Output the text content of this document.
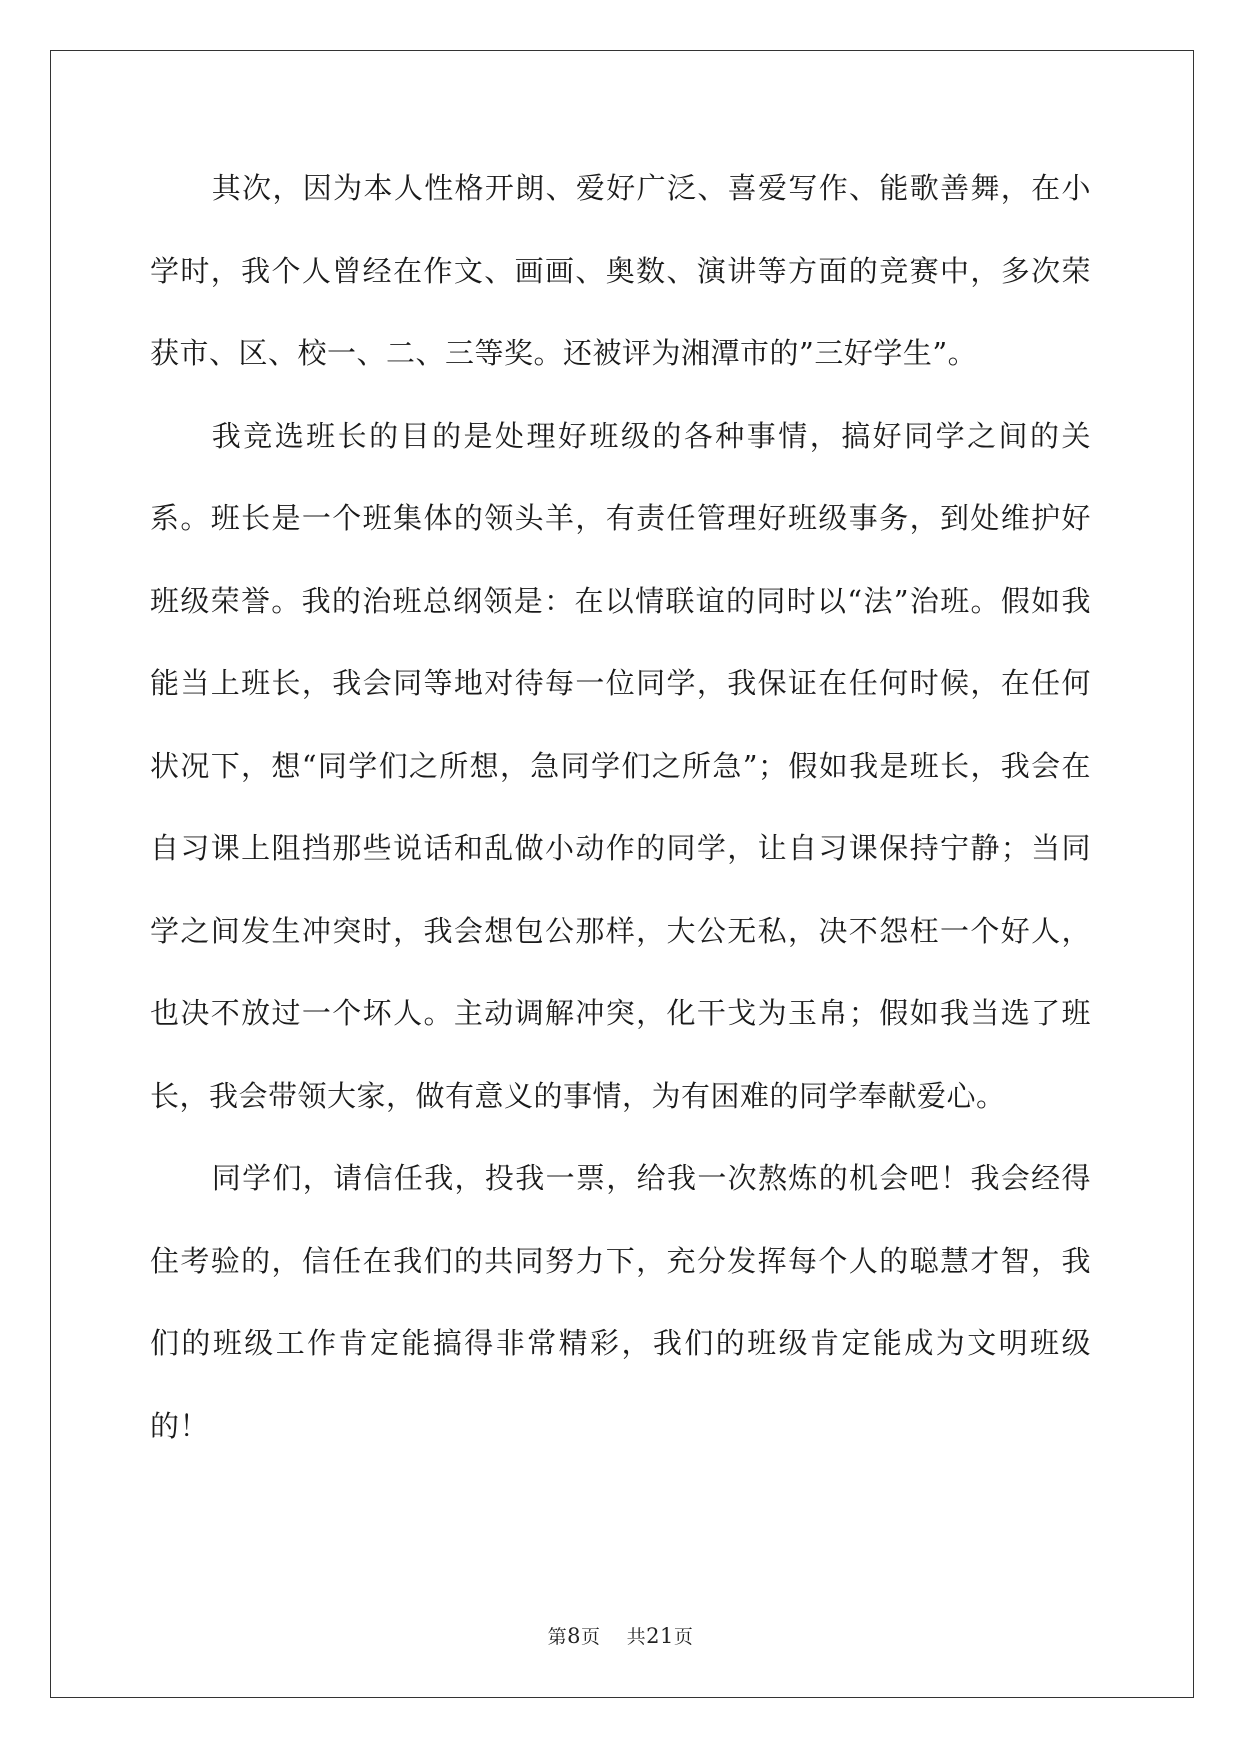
其次，因为本人性格开朗、爱好广泛、喜爱写作、能歌善舞，在小学时，我个人曾经在作文、画画、奥数、演讲等方面的竞赛中，多次荣获市、区、校一、二、三等奖。还被评为湘潭市的”三好学生”。

我竞选班长的目的是处理好班级的各种事情，搞好同学之间的关系。班长是一个班集体的领头羊，有责任管理好班级事务，到处维护好班级荣誉。我的治班总纲领是：在以情联谊的同时以“法”治班。假如我能当上班长，我会同等地对待每一位同学，我保证在任何时候，在任何状况下，想“同学们之所想，急同学们之所急”；假如我是班长，我会在自习课上阻挡那些说话和乱做小动作的同学，让自习课保持宁静；当同学之间发生冲突时，我会想包公那样，大公无私，决不怨枉一个好人，也决不放过一个坏人。主动调解冲突，化干戈为玉帛；假如我当选了班长，我会带领大家，做有意义的事情，为有困难的同学奉献爱心。

同学们，请信任我，投我一票，给我一次熬炼的机会吧！我会经得住考验的，信任在我们的共同努力下，充分发挥每个人的聪慧才智，我们的班级工作肯定能搞得非常精彩，我们的班级肯定能成为文明班级的！

第8页 共21页
